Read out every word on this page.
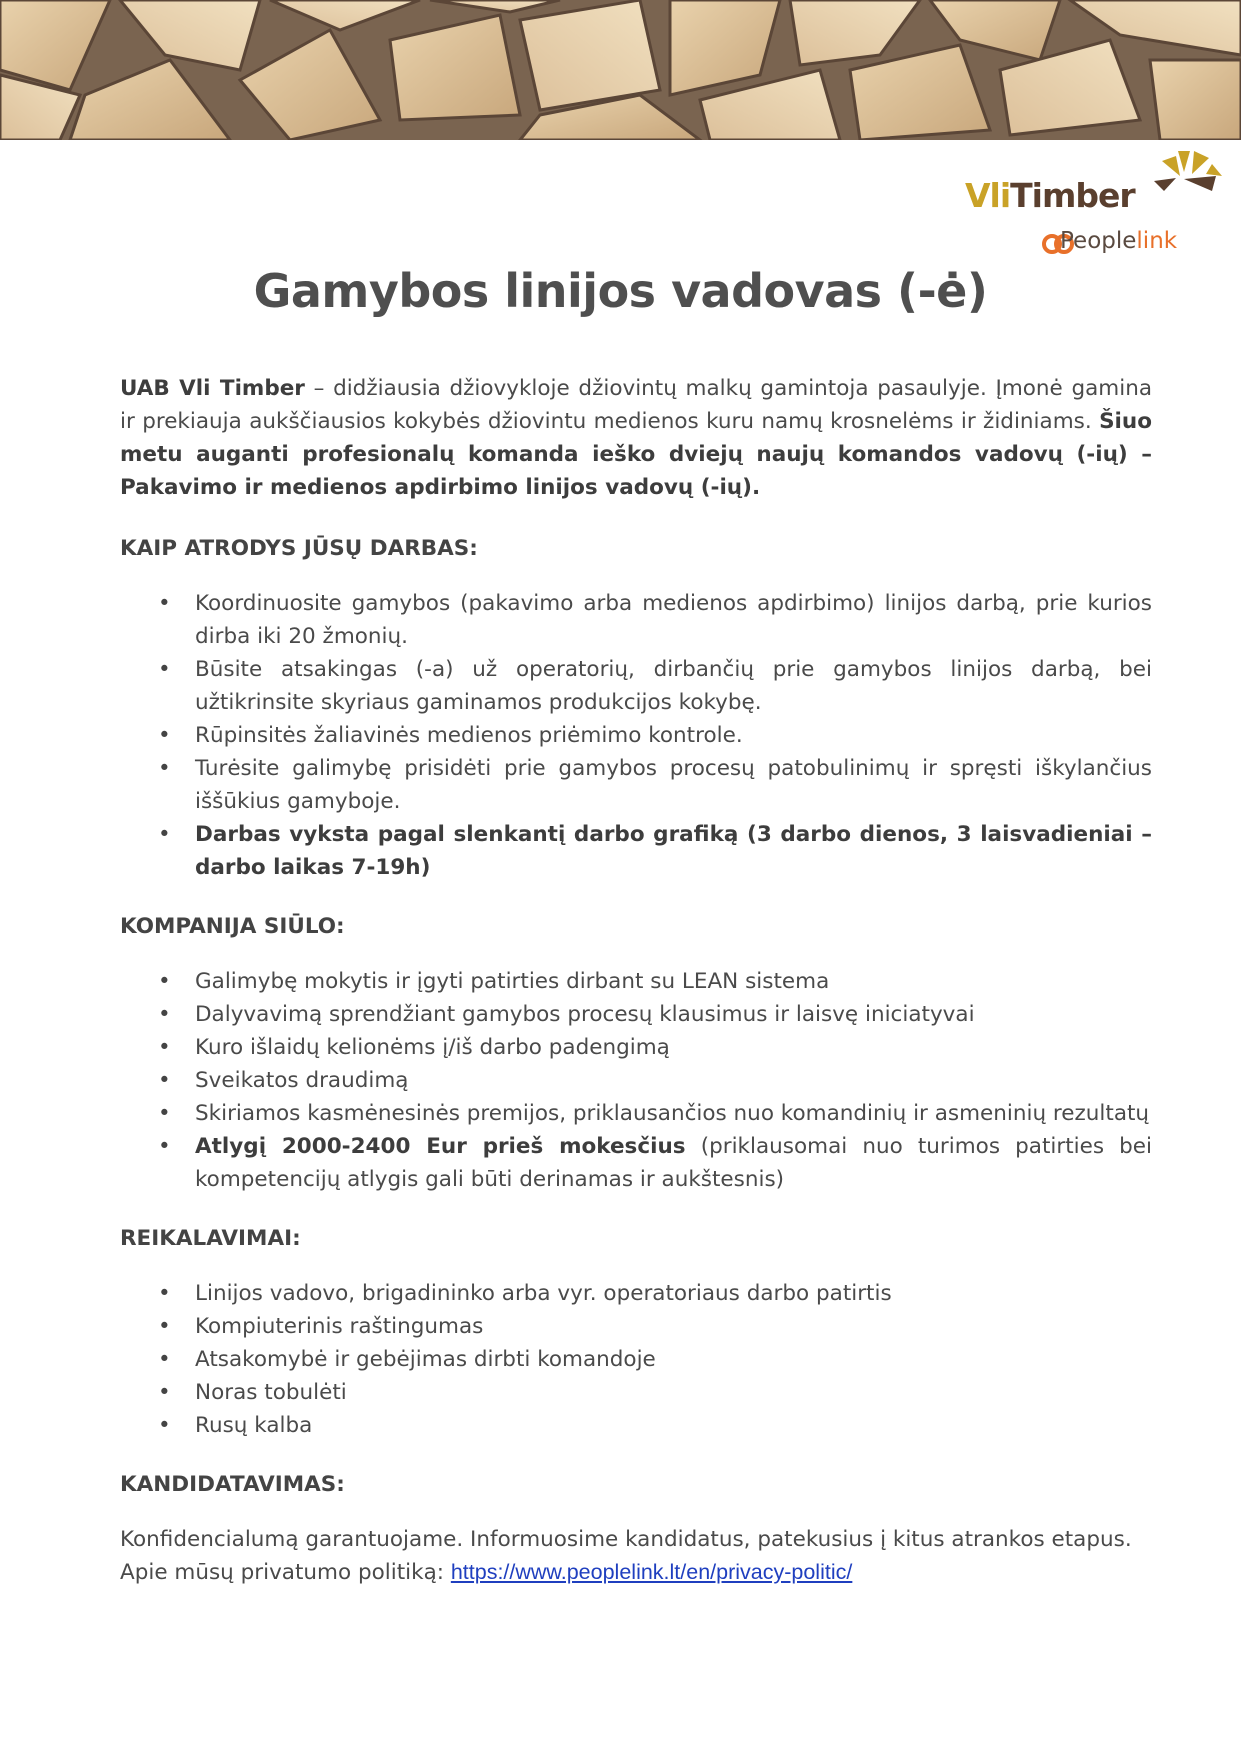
VliTimber
Peoplelink
Gamybos linijos vadovas (-ė)

UAB Vli Timber – didžiausia džiovykloje džiovintų malkų gamintoja pasaulyje. Įmonė gamina ir prekiauja aukščiausios kokybės džiovintu medienos kuru namų krosnelėms ir židiniams. Šiuo metu auganti profesionalų komanda ieško dviejų naujų komandos vadovų (-ių) – Pakavimo ir medienos apdirbimo linijos vadovų (-ių).

KAIP ATRODYS JŪSŲ DARBAS:
• Koordinuosite gamybos (pakavimo arba medienos apdirbimo) linijos darbą, prie kurios dirba iki 20 žmonių.
• Būsite atsakingas (-a) už operatorių, dirbančių prie gamybos linijos darbą, bei užtikrinsite skyriaus gaminamos produkcijos kokybę.
• Rūpinsitės žaliavinės medienos priėmimo kontrole.
• Turėsite galimybę prisidėti prie gamybos procesų patobulinimų ir spręsti iškylančius iššūkius gamyboje.
• Darbas vyksta pagal slenkantį darbo grafiką (3 darbo dienos, 3 laisvadieniai – darbo laikas 7-19h)
KOMPANIJA SIŪLO:
• Galimybę mokytis ir įgyti patirties dirbant su LEAN sistema
• Dalyvavimą sprendžiant gamybos procesų klausimus ir laisvę iniciatyvai
• Kuro išlaidų kelionėms į/iš darbo padengimą
• Sveikatos draudimą
• Skiriamos kasmėnesinės premijos, priklausančios nuo komandinių ir asmeninių rezultatų
• Atlygį 2000-2400 Eur prieš mokesčius (priklausomai nuo turimos patirties bei kompetencijų atlygis gali būti derinamas ir aukštesnis)
REIKALAVIMAI:
• Linijos vadovo, brigadininko arba vyr. operatoriaus darbo patirtis
• Kompiuterinis raštingumas
• Atsakomybė ir gebėjimas dirbti komandoje
• Noras tobulėti
• Rusų kalba
KANDIDATAVIMAS:

Konfidencialumą garantuojame. Informuosime kandidatus, patekusius į kitus atrankos etapus.
Apie mūsų privatumo politiką: https://www.peoplelink.lt/en/privacy-politic/
